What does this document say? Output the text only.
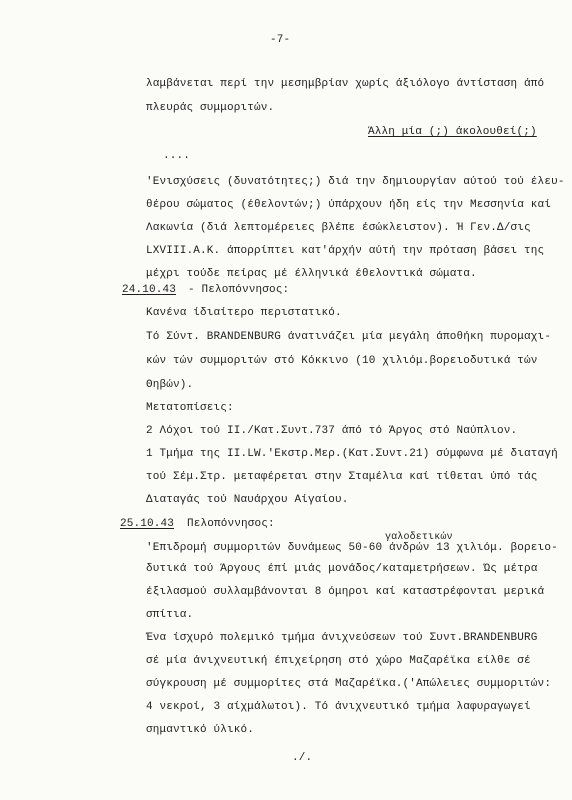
-7-
λαμβάνεται περί την μεσημβρίαν χωρίς άξιόλογο άντίσταση άπό
πλευράς συμμοριτών.
Άλλη μία (;) άκολουθεί(;)
....
'Ενισχύσεις (δυνατότητες;) διά την δημιουργίαν αύτού τού έλευ-
θέρου σώματος (έθελοντών;) ύπάρχουν ήδη είς την Μεσσηνία καί
Λακωνία (διά λεπτομέρειες βλέπε έσώκλειστον). Ή Γεν.Δ/σις
LXVIII.Α.Κ. άπορρίπτει κατ'άρχήν αύτή την πρόταση βάσει της
μέχρι τούδε πείρας μέ έλληνικά έθελοντικά σώματα.
24.10.43 - Πελοπόννησος:
Κανένα ίδιαίτερο περιστατικό.
Τό Σύντ. BRANDENBURG άνατινάζει μία μεγάλη άποθήκη πυρομαχι-
κών τών συμμοριτών στό Κόκκινο (10 χιλιόμ.βορειοδυτικά τών
Θηβών).
Μετατοπίσεις:
2 Λόχοι τού ΙΙ./Κατ.Συντ.737 άπό τό Άργος στό Ναύπλιον.
1 Τμήμα της ΙΙ.LW.'Εκστρ.Μερ.(Κατ.Συντ.21) σύμφωνα μέ διαταγή
τού Σέμ.Στρ. μεταφέρεται στην Σταμέλια καί τίθεται ύπό τάς
Διαταγάς τού Ναυάρχου Αίγαίου.
25.10.43 Πελοπόννησος:
γαλοδετικών
'Επιδρομή συμμοριτών δυνάμεως 50-60 άνδρών 13 χιλιόμ. βορειο-
δυτικά τού Άργους έπί μιάς μονάδος/καταμετρήσεων. Ώς μέτρα
έξιλασμού συλλαμβάνονται 8 όμηροι καί καταστρέφονται μερικά
σπίτια.
Ένα ίσχυρό πολεμικό τμήμα άνιχνεύσεων τού Συντ.BRANDENBURG
σέ μία άνιχνευτική έπιχείρηση στό χώρο Μαζαρέϊκα είλθε σέ
σύγκρουση μέ συμμορίτες στά Μαζαρέϊκα.('Απώλειες συμμοριτών:
4 νεκροί, 3 αίχμάλωτοι). Τό άνιχνευτικό τμήμα λαφυραγωγεί
σημαντικό ύλικό.
./.
